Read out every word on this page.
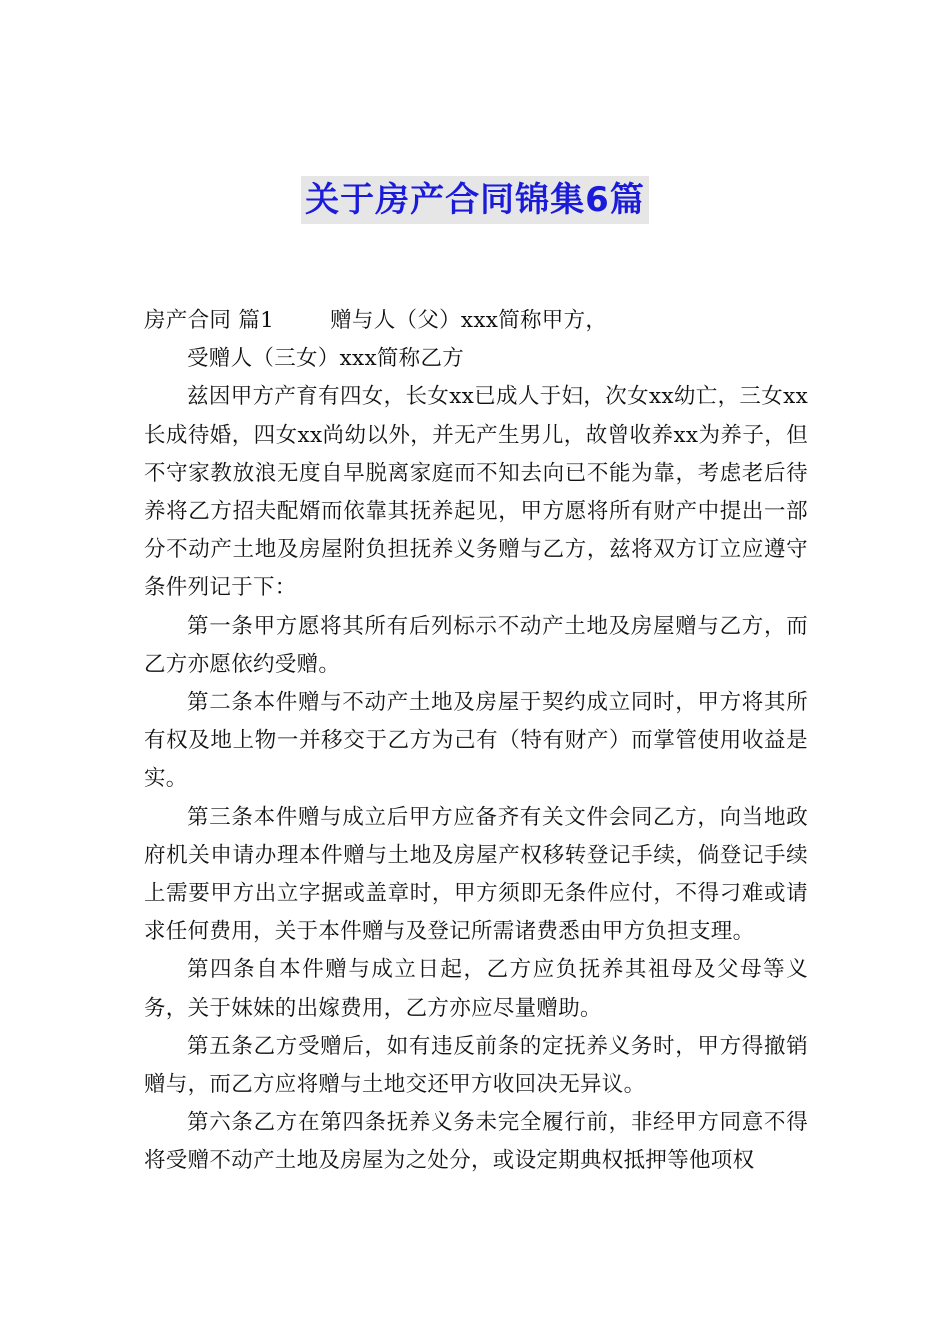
关于房产合同锦集6篇

房产合同 篇1	赠与人（父）xxx简称甲方，

受赠人（三女）xxx简称乙方

兹因甲方产育有四女，长女xx已成人于妇，次女xx幼亡，三女xx长成待婚，四女xx尚幼以外，并无产生男儿，故曾收养xx为养子，但不守家教放浪无度自早脱离家庭而不知去向已不能为靠，考虑老后待养将乙方招夫配婿而依靠其抚养起见，甲方愿将所有财产中提出一部分不动产土地及房屋附负担抚养义务赠与乙方，兹将双方订立应遵守条件列记于下：

第一条甲方愿将其所有后列标示不动产土地及房屋赠与乙方，而乙方亦愿依约受赠。

第二条本件赠与不动产土地及房屋于契约成立同时，甲方将其所有权及地上物一并移交于乙方为己有（特有财产）而掌管使用收益是实。

第三条本件赠与成立后甲方应备齐有关文件会同乙方，向当地政府机关申请办理本件赠与土地及房屋产权移转登记手续，倘登记手续上需要甲方出立字据或盖章时，甲方须即无条件应付，不得刁难或请求任何费用，关于本件赠与及登记所需诸费悉由甲方负担支理。

第四条自本件赠与成立日起，乙方应负抚养其祖母及父母等义务，关于妹妹的出嫁费用，乙方亦应尽量赠助。

第五条乙方受赠后，如有违反前条的定抚养义务时，甲方得撤销赠与，而乙方应将赠与土地交还甲方收回决无异议。

第六条乙方在第四条抚养义务未完全履行前，非经甲方同意不得将受赠不动产土地及房屋为之处分，或设定期典权抵押等他项权
